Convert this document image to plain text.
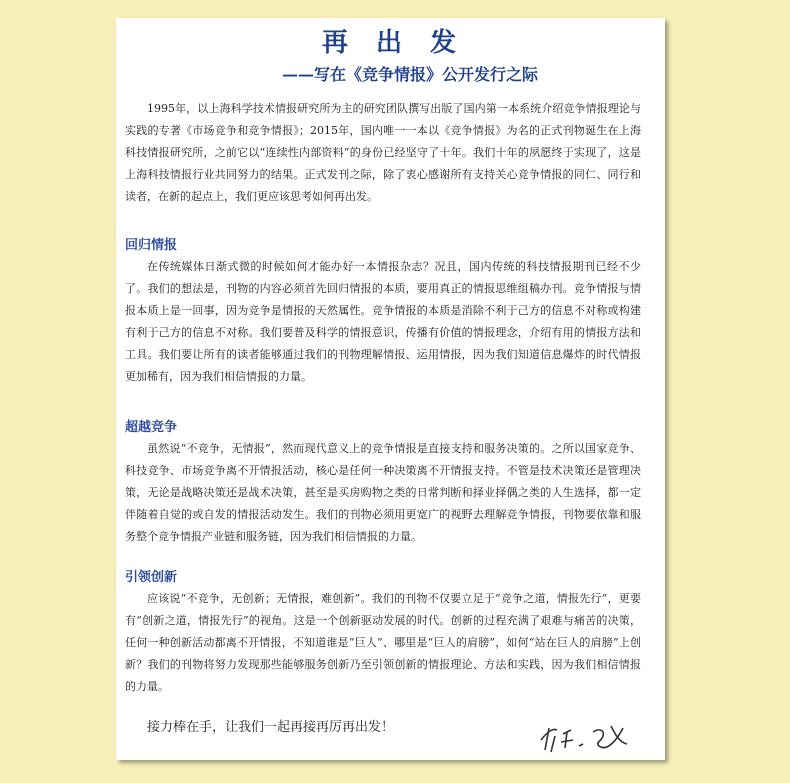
再出发
——写在《竞争情报》公开发行之际

1995年，以上海科学技术情报研究所为主的研究团队撰写出版了国内第一本系统介绍竞争情报理论与实践的专著《市场竞争和竞争情报》；2015年，国内唯一一本以《竞争情报》为名的正式刊物诞生在上海科技情报研究所，之前它以“连续性内部资料”的身份已经坚守了十年。我们十年的夙愿终于实现了，这是上海科技情报行业共同努力的结果。正式发刊之际，除了衷心感谢所有支持关心竞争情报的同仁、同行和读者，在新的起点上，我们更应该思考如何再出发。

回归情报

在传统媒体日渐式微的时候如何才能办好一本情报杂志？况且，国内传统的科技情报期刊已经不少了。我们的想法是，刊物的内容必须首先回归情报的本质，要用真正的情报思维组稿办刊。竞争情报与情报本质上是一回事，因为竞争是情报的天然属性。竞争情报的本质是消除不利于己方的信息不对称或构建有利于己方的信息不对称。我们要普及科学的情报意识，传播有价值的情报理念，介绍有用的情报方法和工具。我们要让所有的读者能够通过我们的刊物理解情报、运用情报，因为我们知道信息爆炸的时代情报更加稀有，因为我们相信情报的力量。

超越竞争

虽然说“不竞争，无情报”，然而现代意义上的竞争情报是直接支持和服务决策的。之所以国家竞争、科技竞争、市场竞争离不开情报活动，核心是任何一种决策离不开情报支持。不管是技术决策还是管理决策，无论是战略决策还是战术决策，甚至是买房购物之类的日常判断和择业择偶之类的人生选择，都一定伴随着自觉的或自发的情报活动发生。我们的刊物必须用更宽广的视野去理解竞争情报，刊物要依靠和服务整个竞争情报产业链和服务链，因为我们相信情报的力量。

引领创新

应该说“不竞争，无创新；无情报，难创新”。我们的刊物不仅要立足于“竞争之道，情报先行”，更要有“创新之道，情报先行”的视角。这是一个创新驱动发展的时代。创新的过程充满了艰难与痛苦的决策，任何一种创新活动都离不开情报，不知道谁是“巨人”、哪里是“巨人的肩膀”，如何“站在巨人的肩膀”上创新？我们的刊物将努力发现那些能够服务创新乃至引领创新的情报理论、方法和实践，因为我们相信情报的力量。

接力棒在手，让我们一起再接再厉再出发！
